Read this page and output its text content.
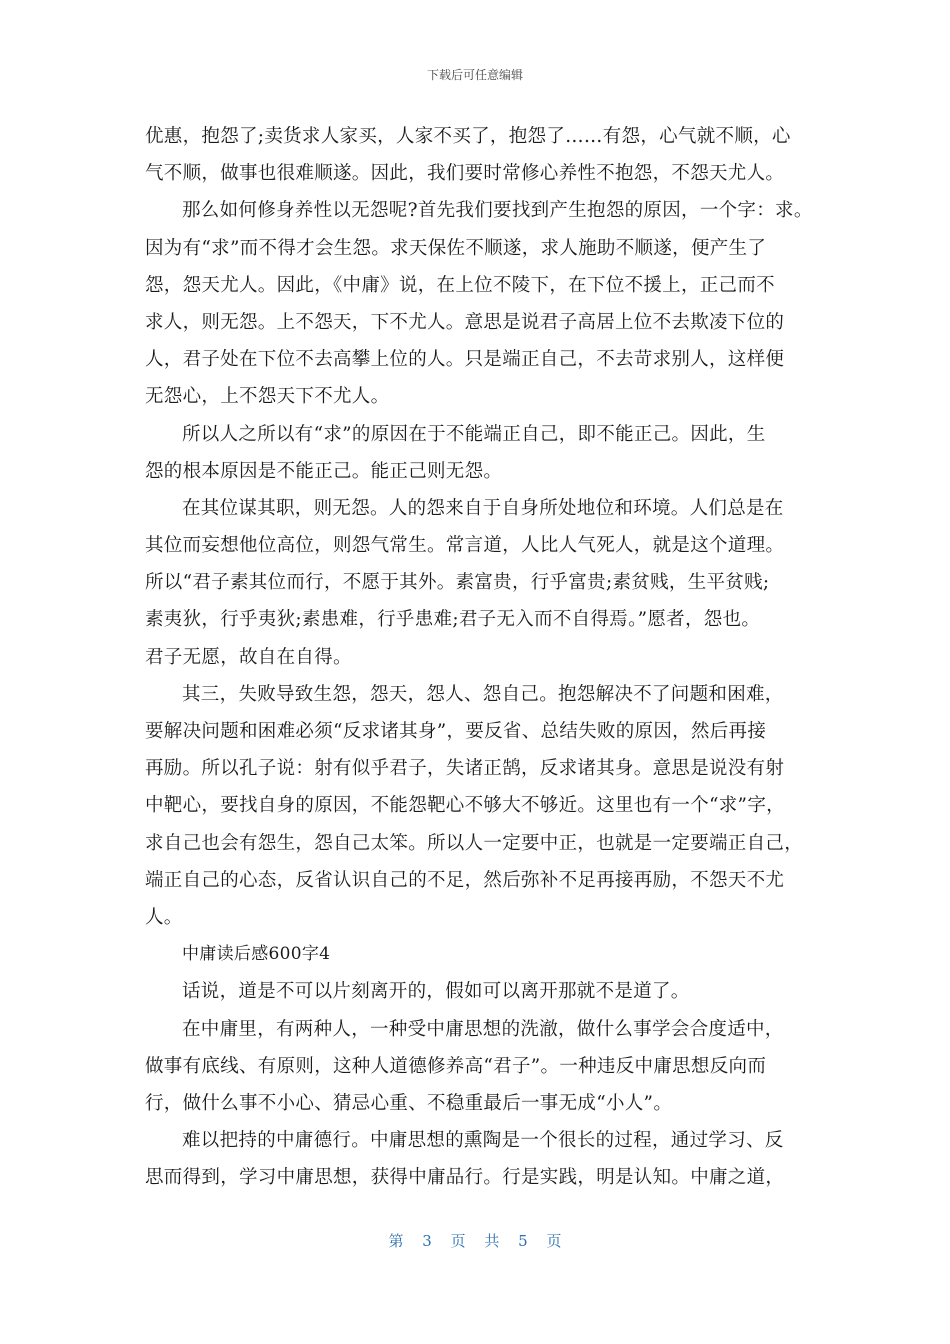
下载后可任意编辑
优惠，抱怨了;卖货求人家买，人家不买了，抱怨了……有怨，心气就不顺，心
气不顺，做事也很难顺遂。因此，我们要时常修心养性不抱怨，不怨天尤人。
那么如何修身养性以无怨呢?首先我们要找到产生抱怨的原因，一个字：求。
因为有“求”而不得才会生怨。求天保佐不顺遂，求人施助不顺遂，便产生了
怨，怨天尤人。因此，《中庸》说，在上位不陵下，在下位不援上，正己而不
求人，则无怨。上不怨天，下不尤人。意思是说君子高居上位不去欺凌下位的
人，君子处在下位不去高攀上位的人。只是端正自己，不去苛求别人，这样便
无怨心，上不怨天下不尤人。
所以人之所以有“求”的原因在于不能端正自己，即不能正己。因此，生
怨的根本原因是不能正己。能正己则无怨。
在其位谋其职，则无怨。人的怨来自于自身所处地位和环境。人们总是在
其位而妄想他位高位，则怨气常生。常言道，人比人气死人，就是这个道理。
所以“君子素其位而行，不愿于其外。素富贵，行乎富贵;素贫贱，生平贫贱;
素夷狄，行乎夷狄;素患难，行乎患难;君子无入而不自得焉。”愿者，怨也。
君子无愿，故自在自得。
其三，失败导致生怨，怨天，怨人、怨自己。抱怨解决不了问题和困难，
要解决问题和困难必须“反求诸其身”，要反省、总结失败的原因，然后再接
再励。所以孔子说：射有似乎君子，失诸正鹄，反求诸其身。意思是说没有射
中靶心，要找自身的原因，不能怨靶心不够大不够近。这里也有一个“求”字，
求自己也会有怨生，怨自己太笨。所以人一定要中正，也就是一定要端正自己，
端正自己的心态，反省认识自己的不足，然后弥补不足再接再励，不怨天不尤
人。
中庸读后感600字4
话说，道是不可以片刻离开的，假如可以离开那就不是道了。
在中庸里，有两种人，一种受中庸思想的洗澈，做什么事学会合度适中，
做事有底线、有原则，这种人道德修养高“君子”。一种违反中庸思想反向而
行，做什么事不小心、猜忌心重、不稳重最后一事无成“小人”。
难以把持的中庸德行。中庸思想的熏陶是一个很长的过程，通过学习、反
思而得到，学习中庸思想，获得中庸品行。行是实践，明是认知。中庸之道，
第 3 页 共 5 页
